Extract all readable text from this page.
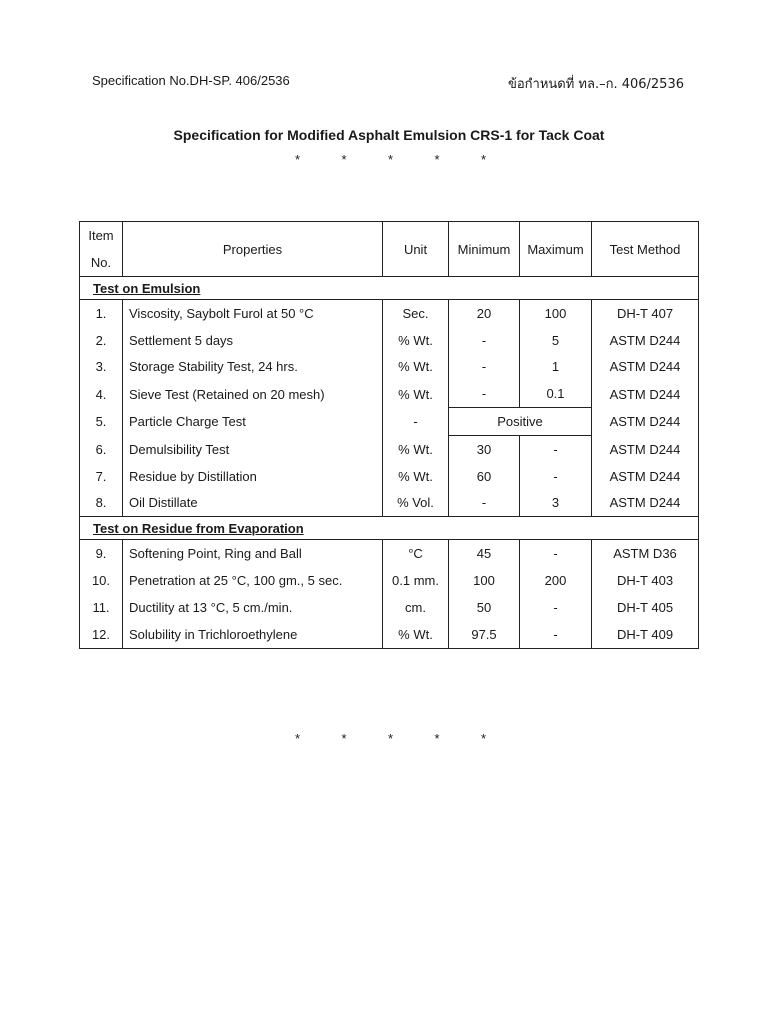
Specification No.DH-SP. 406/2536	ข้อกำหนดที่ ทล.–ก. 406/2536
Specification for Modified Asphalt Emulsion CRS-1 for Tack Coat
*	*	*	*	*
Item
No.	Properties	Unit	Minimum	Maximum	Test Method
Test on Emulsion					
1.	Viscosity, Saybolt Furol at 50 °C	Sec.	20	100	DH-T 407
2.	Settlement 5 days	% Wt.	-	5	ASTM D244
3.	Storage Stability Test, 24 hrs.	% Wt.	-	1	ASTM D244
4.	Sieve Test (Retained on 20 mesh)	% Wt.	-	0.1	ASTM D244
5.	Particle Charge Test	-	Positive		ASTM D244
6.	Demulsibility Test	% Wt.	30	-	ASTM D244
7.	Residue by Distillation	% Wt.	60	-	ASTM D244
8.	Oil Distillate	% Vol.	-	3	ASTM D244
Test on Residue from Evaporation					
9.	Softening Point, Ring and Ball	°C	45	-	ASTM D36
10.	Penetration at 25 °C, 100 gm., 5 sec.	0.1 mm.	100	200	DH-T 403
11.	Ductility at 13 °C, 5 cm./min.	cm.	50	-	DH-T 405
12.	Solubility in Trichloroethylene	% Wt.	97.5	-	DH-T 409
*	*	*	*	*
